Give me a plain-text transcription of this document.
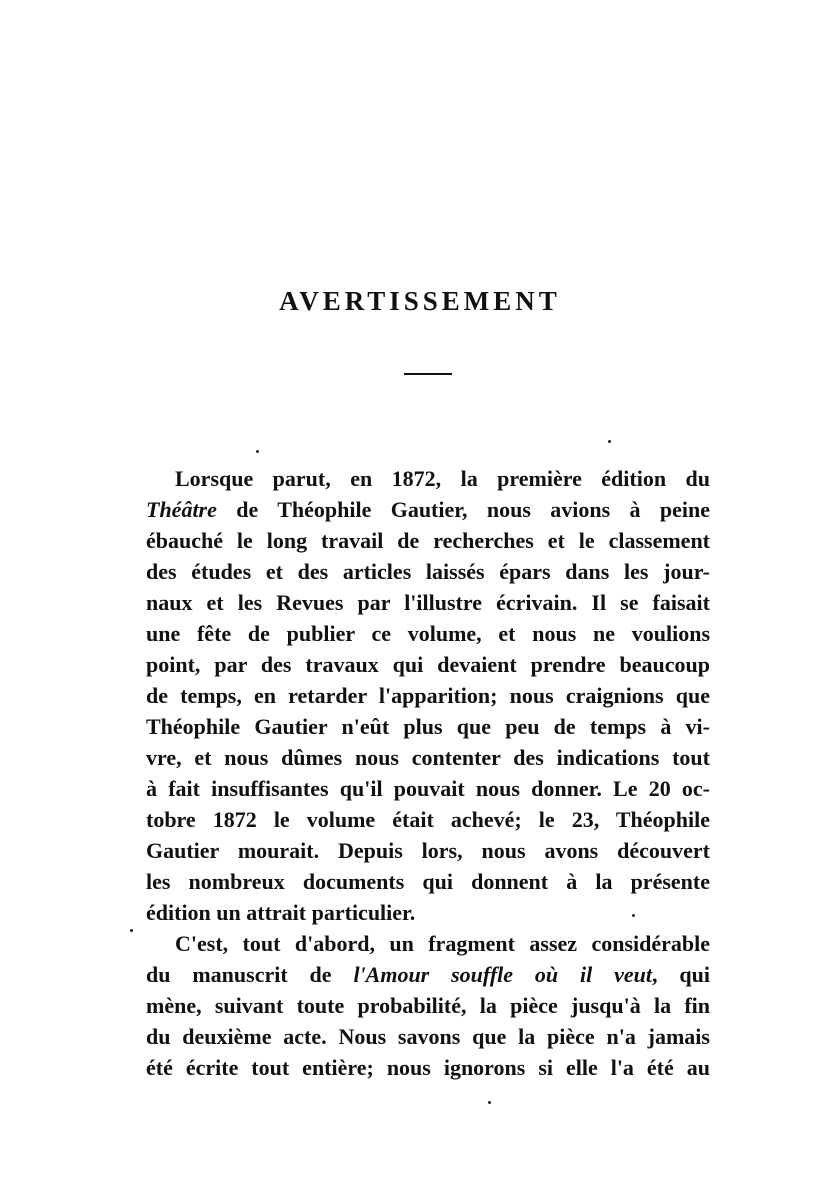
AVERTISSEMENT
Lorsque parut, en 1872, la première édition du
Théâtre de Théophile Gautier, nous avions à peine
ébauché le long travail de recherches et le classement
des études et des articles laissés épars dans les jour-
naux et les Revues par l'illustre écrivain. Il se faisait
une fête de publier ce volume, et nous ne voulions
point, par des travaux qui devaient prendre beaucoup
de temps, en retarder l'apparition; nous craignions que
Théophile Gautier n'eût plus que peu de temps à vi-
vre, et nous dûmes nous contenter des indications tout
à fait insuffisantes qu'il pouvait nous donner. Le 20 oc-
tobre 1872 le volume était achevé; le 23, Théophile
Gautier mourait. Depuis lors, nous avons découvert
les nombreux documents qui donnent à la présente
édition un attrait particulier.
C'est, tout d'abord, un fragment assez considérable
du manuscrit de l'Amour souffle où il veut, qui
mène, suivant toute probabilité, la pièce jusqu'à la fin
du deuxième acte. Nous savons que la pièce n'a jamais
été écrite tout entière; nous ignorons si elle l'a été au
